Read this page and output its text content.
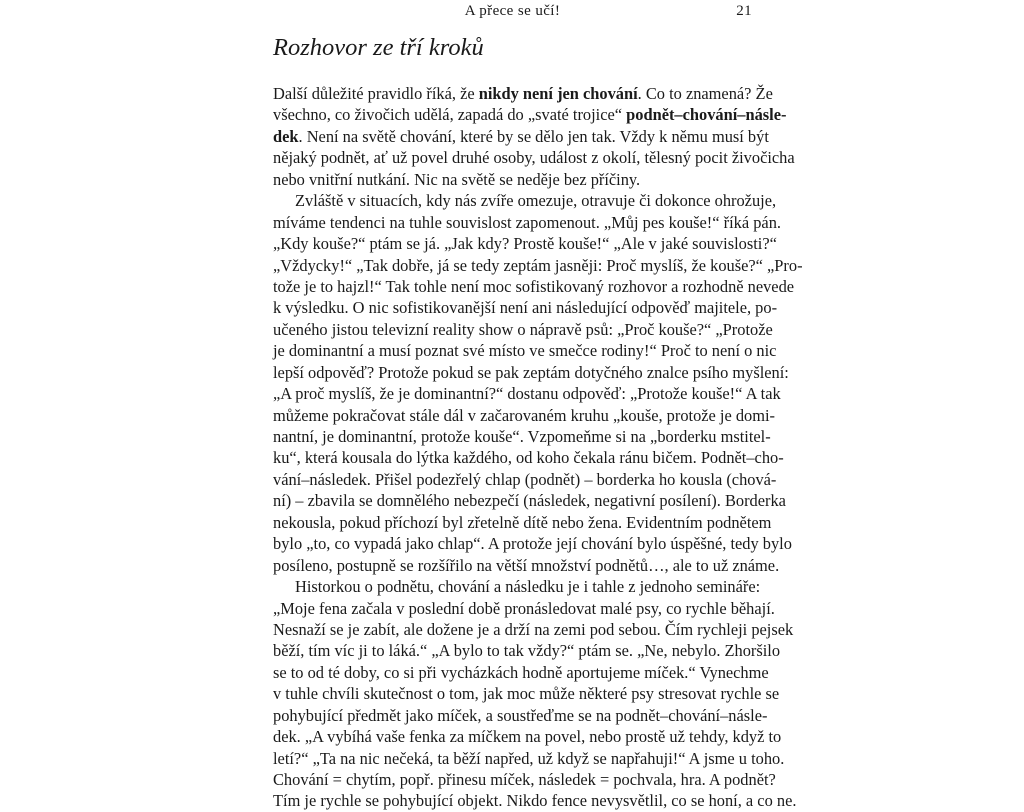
A přece se učí!	21
Rozhovor ze tří kroků
Další důležité pravidlo říká, že nikdy není jen chování. Co to znamená? Že
všechno, co živočich udělá, zapadá do „svaté trojice“ podnět–chování–násle-
dek. Není na světě chování, které by se dělo jen tak. Vždy k němu musí být
nějaký podnět, ať už povel druhé osoby, událost z okolí, tělesný pocit živočicha
nebo vnitřní nutkání. Nic na světě se neděje bez příčiny.
Zvláště v situacích, kdy nás zvíře omezuje, otravuje či dokonce ohrožuje,
míváme tendenci na tuhle souvislost zapomenout. „Můj pes kouše!“ říká pán.
„Kdy kouše?“ ptám se já. „Jak kdy? Prostě kouše!“ „Ale v jaké souvislosti?“
„Vždycky!“ „Tak dobře, já se tedy zeptám jasněji: Proč myslíš, že kouše?“ „Pro-
tože je to hajzl!“ Tak tohle není moc sofistikovaný rozhovor a rozhodně nevede
k výsledku. O nic sofistikovanější není ani následující odpověď majitele, po-
učeného jistou televizní reality show o nápravě psů: „Proč kouše?“ „Protože
je dominantní a musí poznat své místo ve smečce rodiny!“ Proč to není o nic
lepší odpověď? Protože pokud se pak zeptám dotyčného znalce psího myšlení:
„A proč myslíš, že je dominantní?“ dostanu odpověď: „Protože kouše!“ A tak
můžeme pokračovat stále dál v začarovaném kruhu „kouše, protože je domi-
nantní, je dominantní, protože kouše“. Vzpomeňme si na „borderku mstitel-
ku“, která kousala do lýtka každého, od koho čekala ránu bičem. Podnět–cho-
vání–následek. Přišel podezřelý chlap (podnět) – borderka ho kousla (chová-
ní) – zbavila se domnělého nebezpečí (následek, negativní posílení). Borderka
nekousla, pokud příchozí byl zřetelně dítě nebo žena. Evidentním podnětem
bylo „to, co vypadá jako chlap“. A protože její chování bylo úspěšné, tedy bylo
posíleno, postupně se rozšířilo na větší množství podnětů…, ale to už známe.
Historkou o podnětu, chování a následku je i tahle z jednoho semináře:
„Moje fena začala v poslední době pronásledovat malé psy, co rychle běhají.
Nesnaží se je zabít, ale dožene je a drží na zemi pod sebou. Čím rychleji pejsek
běží, tím víc ji to láká.“ „A bylo to tak vždy?“ ptám se. „Ne, nebylo. Zhoršilo
se to od té doby, co si při vycházkách hodně aportujeme míček.“ Vynechme
v tuhle chvíli skutečnost o tom, jak moc může některé psy stresovat rychle se
pohybující předmět jako míček, a soustřeďme se na podnět–chování–násle-
dek. „A vybíhá vaše fenka za míčkem na povel, nebo prostě už tehdy, když to
letí?“ „Ta na nic nečeká, ta běží napřed, už když se napřahuji!“ A jsme u toho.
Chování = chytím, popř. přinesu míček, následek = pochvala, hra. A podnět?
Tím je rychle se pohybující objekt. Nikdo fence nevysvětlil, co se honí, a co ne.
